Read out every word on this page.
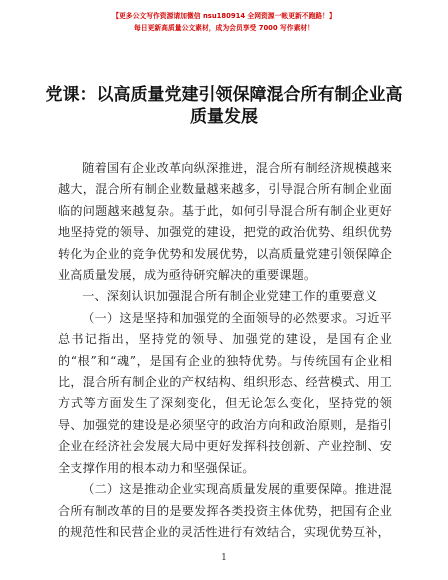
【更多公文写作资源请加微信 nsu180914 全网资源一帐更新不跑路！】
每日更新高质量公文素材，成为会员享受 7000 写作素材！
党课：以高质量党建引领保障混合所有制企业高质量发展

随着国有企业改革向纵深推进，混合所有制经济规模越来越大，混合所有制企业数量越来越多，引导混合所有制企业面临的问题越来越复杂。基于此，如何引导混合所有制企业更好地坚持党的领导、加强党的建设，把党的政治优势、组织优势转化为企业的竞争优势和发展优势，以高质量党建引领保障企业高质量发展，成为亟待研究解决的重要课题。

一、深刻认识加强混合所有制企业党建工作的重要意义

（一）这是坚持和加强党的全面领导的必然要求。习近平总书记指出，坚持党的领导、加强党的建设，是国有企业的“根”和“魂”，是国有企业的独特优势。与传统国有企业相比，混合所有制企业的产权结构、组织形态、经营模式、用工方式等方面发生了深刻变化，但无论怎么变化，坚持党的领导、加强党的建设是必须坚守的政治方向和政治原则，是指引企业在经济社会发展大局中更好发挥科技创新、产业控制、安全支撑作用的根本动力和坚强保证。

（二）这是推动企业实现高质量发展的重要保障。推进混合所有制改革的目的是要发挥各类投资主体优势，把国有企业的规范性和民营企业的灵活性进行有效结合，实现优势互补，

1
